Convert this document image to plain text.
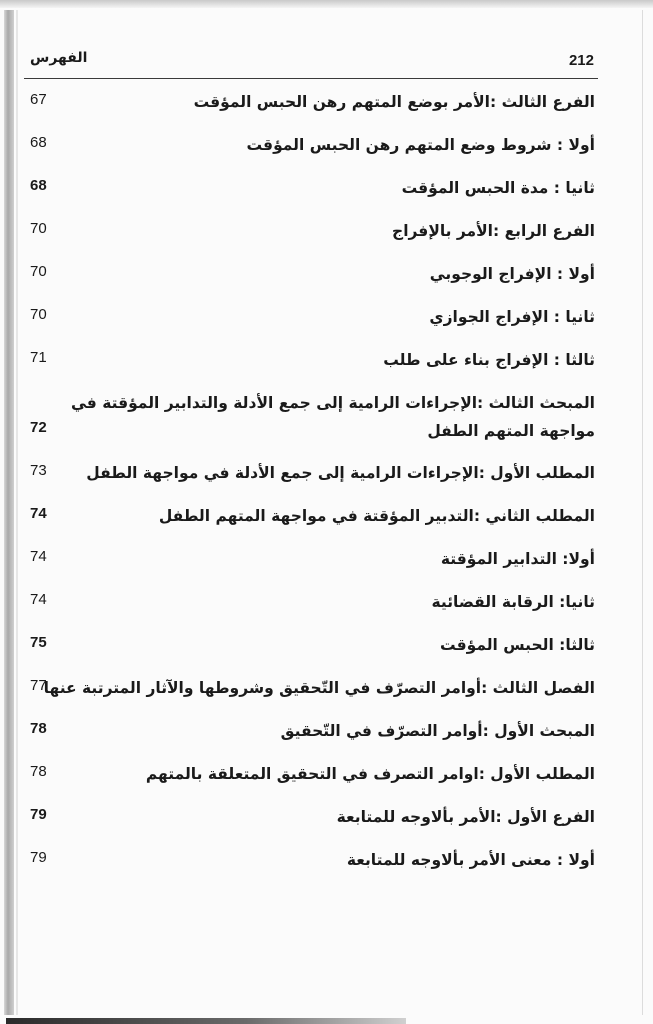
الفهرس	212
الفرع الثالث :الأمر بوضع المتهم رهن الحبس المؤقت
67
أولا : شروط وضع المتهم رهن الحبس المؤقت
68
ثانيا : مدة الحبس المؤقت
68
الفرع الرابع :الأمر بالإفراج
70
أولا : الإفراج الوجوبي
70
ثانيا : الإفراج الجوازي
70
ثالثا : الإفراج بناء على طلب
71
المبحث الثالث :الإجراءات الرامية إلى جمع الأدلة والتدابير المؤقتة في مواجهة المتهم الطفل
72
المطلب الأول :الإجراءات الرامية إلى جمع الأدلة في مواجهة الطفل
73
المطلب الثاني :التدبير المؤقتة في مواجهة المتهم الطفل
74
أولا: التدابير المؤقتة
74
ثانيا: الرقابة القضائية
74
ثالثا: الحبس المؤقت
75
الفصل الثالث :أوامر التصرّف في التّحقيق وشروطها والآثار المترتبة عنها
77
المبحث الأول :أوامر التصرّف في التّحقيق
78
المطلب الأول :اوامر التصرف في التحقيق المتعلقة بالمتهم
78
الفرع الأول :الأمر بألاوجه للمتابعة
79
أولا : معنى الأمر بألاوجه للمتابعة
79
